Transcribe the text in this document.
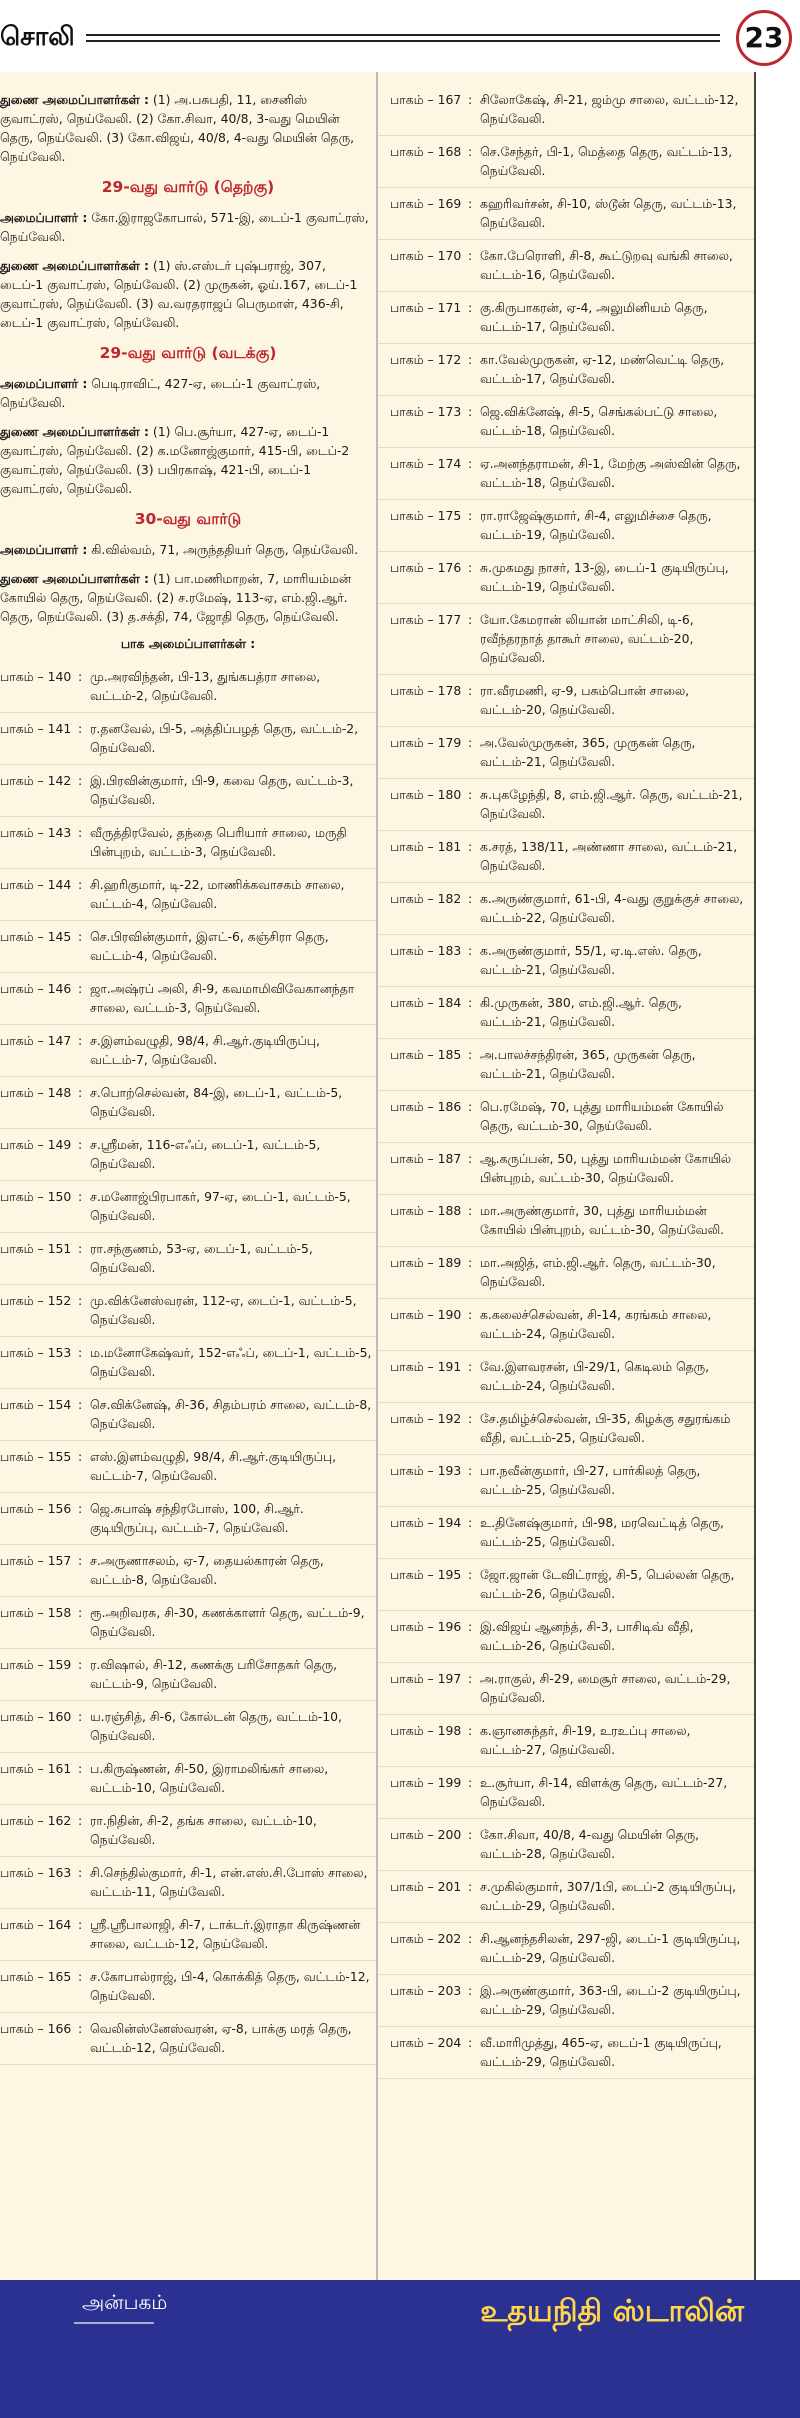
சொலி	23

துணை அமைப்பாளர்கள் : (1) அ.பசுபதி, 11, சைனிஸ் குவாட்ரஸ், நெய்வேலி. (2) கோ.சிவா, 40/8, 3-வது மெயின் தெரு, நெய்வேலி. (3) கோ.விஜய், 40/8, 4-வது மெயின் தெரு, நெய்வேலி.

29-வது வார்டு (தெற்கு)

அமைப்பாளர் : கோ.இராஜகோபால், 571-இ, டைப்-1 குவாட்ரஸ், நெய்வேலி.

துணை அமைப்பாளர்கள் : (1) ஸ்.எஸ்டர் புஷ்பராஜ், 307, டைப்-1 குவாட்ரஸ், நெய்வேலி. (2) முருகன், ஓய்.167, டைப்-1 குவாட்ரஸ், நெய்வேலி. (3) வ.வரதராஜப் பெருமாள், 436-சி, டைப்-1 குவாட்ரஸ், நெய்வேலி.

29-வது வார்டு (வடக்கு)

அமைப்பாளர் : பெடிராவிட், 427-ஏ, டைப்-1 குவாட்ரஸ், நெய்வேலி.

துணை அமைப்பாளர்கள் : (1) பெ.சூர்யா, 427-ஏ, டைப்-1 குவாட்ரஸ், நெய்வேலி. (2) க.மனோஜ்குமார், 415-பி, டைப்-2 குவாட்ரஸ், நெய்வேலி. (3) பபிரகாஷ், 421-பி, டைப்-1 குவாட்ரஸ், நெய்வேலி.

30-வது வார்டு

அமைப்பாளர் : கி.வில்வம், 71, அருந்ததியர் தெரு, நெய்வேலி.

துணை அமைப்பாளர்கள் : (1) பா.மணிமாறன், 7, மாரியம்மன் கோயில் தெரு, நெய்வேலி. (2) ச.ரமேஷ், 113-ஏ, எம்.ஜி.ஆர். தெரு, நெய்வேலி. (3) த.சக்தி, 74, ஜோதி தெரு, நெய்வேலி.

பாக அமைப்பாளர்கள் :
பாகம் – 140 : மு.அரவிந்தன், பி-13, துங்கபத்ரா சாலை, வட்டம்-2, நெய்வேலி.
பாகம் – 141 : ர.தனவேல், பி-5, அத்திப்பழத் தெரு, வட்டம்-2, நெய்வேலி.
பாகம் – 142 : இ.பிரவின்குமார், பி-9, கவை தெரு, வட்டம்-3, நெய்வேலி.
பாகம் – 143 : வீருத்திரவேல், தந்தை பெரியார் சாலை, மருதி பின்புறம், வட்டம்-3, நெய்வேலி.
பாகம் – 144 : சி.ஹரிகுமார், டி-22, மாணிக்கவாசகம் சாலை, வட்டம்-4, நெய்வேலி.
பாகம் – 145 : செ.பிரவின்குமார், இஎட்-6, கஞ்சிரா தெரு, வட்டம்-4, நெய்வேலி.
பாகம் – 146 : ஜா.அஷ்ரப் அலி, சி-9, கவமாமிவிவேகானந்தா சாலை, வட்டம்-3, நெய்வேலி.
பாகம் – 147 : ச.இளம்வழுதி, 98/4, சி.ஆர்.குடியிருப்பு, வட்டம்-7, நெய்வேலி.
பாகம் – 148 : ச.பொற்செல்வன், 84-இ, டைப்-1, வட்டம்-5, நெய்வேலி.
பாகம் – 149 : ச.ஸ்ரீமன், 116-எஃப், டைப்-1, வட்டம்-5, நெய்வேலி.
பாகம் – 150 : ச.மனோஜ்பிரபாகர், 97-ஏ, டைப்-1, வட்டம்-5, நெய்வேலி.
பாகம் – 151 : ரா.சந்குணம், 53-ஏ, டைப்-1, வட்டம்-5, நெய்வேலி.
பாகம் – 152 : மு.விக்னேஸ்வரன், 112-ஏ, டைப்-1, வட்டம்-5, நெய்வேலி.
பாகம் – 153 : ம.மனோகேஷ்வர், 152-எஃப், டைப்-1, வட்டம்-5, நெய்வேலி.
பாகம் – 154 : செ.விக்னேஷ், சி-36, சிதம்பரம் சாலை, வட்டம்-8, நெய்வேலி.
பாகம் – 155 : எஸ்.இளம்வழுதி, 98/4, சி.ஆர்.குடியிருப்பு, வட்டம்-7, நெய்வேலி.
பாகம் – 156 : ஜெ.சுபாஷ் சந்திரபோஸ், 100, சி.ஆர். குடியிருப்பு, வட்டம்-7, நெய்வேலி.
பாகம் – 157 : ச.அருணாசலம், ஏ-7, தையல்காரன் தெரு, வட்டம்-8, நெய்வேலி.
பாகம் – 158 : ரூ.அறிவரசு, சி-30, கணக்காளர் தெரு, வட்டம்-9, நெய்வேலி.
பாகம் – 159 : ர.விஷால், சி-12, கணக்கு பரிசோதகர் தெரு, வட்டம்-9, நெய்வேலி.
பாகம் – 160 : ய.ரஞ்சித், சி-6, கோல்டன் தெரு, வட்டம்-10, நெய்வேலி.
பாகம் – 161 : ப.கிருஷ்ணன், சி-50, இராமலிங்கர் சாலை, வட்டம்-10, நெய்வேலி.
பாகம் – 162 : ரா.நிதின், சி-2, தங்க சாலை, வட்டம்-10, நெய்வேலி.
பாகம் – 163 : சி.செந்தில்குமார், சி-1, என்.எஸ்.சி.போஸ் சாலை, வட்டம்-11, நெய்வேலி.
பாகம் – 164 : ஸ்ரீ.ஸ்ரீபாலாஜி, சி-7, டாக்டர்.இராதா கிருஷ்ணன் சாலை, வட்டம்-12, நெய்வேலி.
பாகம் – 165 : ச.கோபால்ராஜ், பி-4, கொக்கித் தெரு, வட்டம்-12, நெய்வேலி.
பாகம் – 166 : வெலின்ஸ்னேஸ்வரன், ஏ-8, பாக்கு மரத் தெரு, வட்டம்-12, நெய்வேலி.
பாகம் – 167 : சிலோகேஷ், சி-21, ஜம்மு சாலை, வட்டம்-12, நெய்வேலி.
பாகம் – 168 : செ.சேந்தர், பி-1, மெத்தை தெரு, வட்டம்-13, நெய்வேலி.
பாகம் – 169 : கஹரிவர்சன், சி-10, ஸ்டூன் தெரு, வட்டம்-13, நெய்வேலி.
பாகம் – 170 : கோ.பேரொளி, சி-8, கூட்டுறவு வங்கி சாலை, வட்டம்-16, நெய்வேலி.
பாகம் – 171 : கு.கிருபாகரன், ஏ-4, அலுமினியம் தெரு, வட்டம்-17, நெய்வேலி.
பாகம் – 172 : கா.வேல்முருகன், ஏ-12, மண்வெட்டி தெரு, வட்டம்-17, நெய்வேலி.
பாகம் – 173 : ஜெ.விக்னேஷ், சி-5, செங்கல்பட்டு சாலை, வட்டம்-18, நெய்வேலி.
பாகம் – 174 : ஏ.அனந்தராமன், சி-1, மேற்கு அஸ்வின் தெரு, வட்டம்-18, நெய்வேலி.
பாகம் – 175 : ரா.ராஜேஷ்குமார், சி-4, எலுமிச்சை தெரு, வட்டம்-19, நெய்வேலி.
பாகம் – 176 : சு.முகமது நாசர், 13-இ, டைப்-1 குடியிருப்பு, வட்டம்-19, நெய்வேலி.
பாகம் – 177 : யோ.கேமரான் லியான் மாட்சிலி, டி-6, ரவீந்தரநாத் தாகூர் சாலை, வட்டம்-20, நெய்வேலி.
பாகம் – 178 : ரா.வீரமணி, ஏ-9, பசும்பொன் சாலை, வட்டம்-20, நெய்வேலி.
பாகம் – 179 : அ.வேல்முருகன், 365, முருகன் தெரு, வட்டம்-21, நெய்வேலி.
பாகம் – 180 : சு.புகழேந்தி, 8, எம்.ஜி.ஆர். தெரு, வட்டம்-21, நெய்வேலி.
பாகம் – 181 : க.சரத், 138/11, அண்ணா சாலை, வட்டம்-21, நெய்வேலி.
பாகம் – 182 : க.அருண்குமார், 61-பி, 4-வது குறுக்குச் சாலை, வட்டம்-22, நெய்வேலி.
பாகம் – 183 : க.அருண்குமார், 55/1, ஏ.டி.எஸ். தெரு, வட்டம்-21, நெய்வேலி.
பாகம் – 184 : கி.முருகன், 380, எம்.ஜி.ஆர். தெரு, வட்டம்-21, நெய்வேலி.
பாகம் – 185 : அ.பாலச்சந்திரன், 365, முருகன் தெரு, வட்டம்-21, நெய்வேலி.
பாகம் – 186 : பெ.ரமேஷ், 70, புத்து மாரியம்மன் கோயில் தெரு, வட்டம்-30, நெய்வேலி.
பாகம் – 187 : ஆ.கருப்பன், 50, புத்து மாரியம்மன் கோயில் பின்புறம், வட்டம்-30, நெய்வேலி.
பாகம் – 188 : மா.அருண்குமார், 30, புத்து மாரியம்மன் கோயில் பின்புறம், வட்டம்-30, நெய்வேலி.
பாகம் – 189 : மா.அஜித், எம்.ஜி.ஆர். தெரு, வட்டம்-30, நெய்வேலி.
பாகம் – 190 : க.கலைச்செல்வன், சி-14, கரங்கம் சாலை, வட்டம்-24, நெய்வேலி.
பாகம் – 191 : வே.இளவரசன், பி-29/1, கெடிலம் தெரு, வட்டம்-24, நெய்வேலி.
பாகம் – 192 : சே.தமிழ்ச்செல்வன், பி-35, கிழக்கு சதுரங்கம் வீதி, வட்டம்-25, நெய்வேலி.
பாகம் – 193 : பா.நவீன்குமார், பி-27, பார்கிலத் தெரு, வட்டம்-25, நெய்வேலி.
பாகம் – 194 : உ.தினேஷ்குமார், பி-98, மரவெட்டித் தெரு, வட்டம்-25, நெய்வேலி.
பாகம் – 195 : ஜோ.ஜான் டேவிட்ராஜ், சி-5, பெல்லன் தெரு, வட்டம்-26, நெய்வேலி.
பாகம் – 196 : இ.விஜய் ஆனந்த், சி-3, பாசிடிவ் வீதி, வட்டம்-26, நெய்வேலி.
பாகம் – 197 : அ.ராகுல், சி-29, மைசூர் சாலை, வட்டம்-29, நெய்வேலி.
பாகம் – 198 : க.ஞானசுந்தர், சி-19, உரஉப்பு சாலை, வட்டம்-27, நெய்வேலி.
பாகம் – 199 : உ.சூர்யா, சி-14, விளக்கு தெரு, வட்டம்-27, நெய்வேலி.
பாகம் – 200 : கோ.சிவா, 40/8, 4-வது மெயின் தெரு, வட்டம்-28, நெய்வேலி.
பாகம் – 201 : ச.முகில்குமார், 307/1பி, டைப்-2 குடியிருப்பு, வட்டம்-29, நெய்வேலி.
பாகம் – 202 : சி.ஆனந்தசிலன், 297-ஜி, டைப்-1 குடியிருப்பு, வட்டம்-29, நெய்வேலி.
பாகம் – 203 : இ.அருண்குமார், 363-பி, டைப்-2 குடியிருப்பு, வட்டம்-29, நெய்வேலி.
பாகம் – 204 : வீ.மாரிமுத்து, 465-ஏ, டைப்-1 குடியிருப்பு, வட்டம்-29, நெய்வேலி.
அன்பகம்	உதயநிதி ஸ்டாலின்
